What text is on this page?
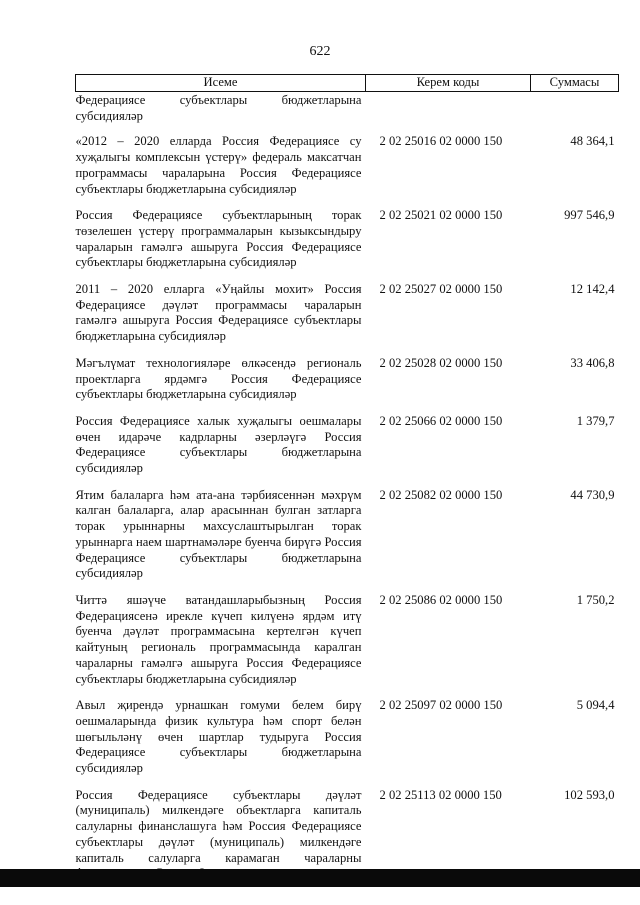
622
Исеме	Керем коды	Суммасы
Федерациясе субъектлары бюджетларына субсидияләр		
«2012 – 2020 елларда Россия Федерациясе су хуҗалыгы комплексын үстерү» федераль максатчан программасы чараларына Россия Федерациясе субъектлары бюджетларына субсидияләр	2 02 25016 02 0000 150	48 364,1
Россия Федерациясе субъектларының торак төзелешен үстерү программаларын кызыксындыру чараларын гамәлгә ашыруга Россия Федерациясе субъектлары бюджетларына субсидияләр	2 02 25021 02 0000 150	997 546,9
2011 – 2020 елларга «Уңайлы мохит» Россия Федерациясе дәүләт программасы чараларын гамәлгә ашыруга Россия Федерациясе субъектлары бюджетларына субсидияләр	2 02 25027 02 0000 150	12 142,4
Мәгълүмат технологияләре өлкәсендә региональ проектларга ярдәмгә Россия Федерациясе субъектлары бюджетларына субсидияләр	2 02 25028 02 0000 150	33 406,8
Россия Федерациясе халык хуҗалыгы оешмалары өчен идарәче кадрларны әзерләүгә Россия Федерациясе субъектлары бюджетларына субсидияләр	2 02 25066 02 0000 150	1 379,7
Ятим балаларга һәм ата-ана тәрбиясеннән мәхрүм калган балаларга, алар арасыннан булган затларга торак урыннарны махсуслаштырылган торак урыннарга наем шартнамәләре буенча бирүгә Россия Федерациясе субъектлары бюджетларына субсидияләр	2 02 25082 02 0000 150	44 730,9
Читтә яшәүче ватандашларыбызның Россия Федерациясенә ирекле күчеп килүенә ярдәм итү буенча дәүләт программасына кертелгән күчеп кайтуның региональ программасында каралган чараларны гамәлгә ашыруга Россия Федерациясе субъектлары бюджетларына субсидияләр	2 02 25086 02 0000 150	1 750,2
Авыл җирендә урнашкан гомуми белем бирү оешмаларында физик культура һәм спорт белән шөгыльләнү өчен шартлар тудыруга Россия Федерациясе субъектлары бюджетларына субсидияләр	2 02 25097 02 0000 150	5 094,4
Россия Федерациясе субъектлары дәүләт (муниципаль) милкендәге объектларга капиталь салуларны финанслашуга һәм Россия Федерациясе субъектлары дәүләт (муниципаль) милкендәге капиталь салуларга карамаган чараларны	2 02 25113 02 0000 150	102 593,0
